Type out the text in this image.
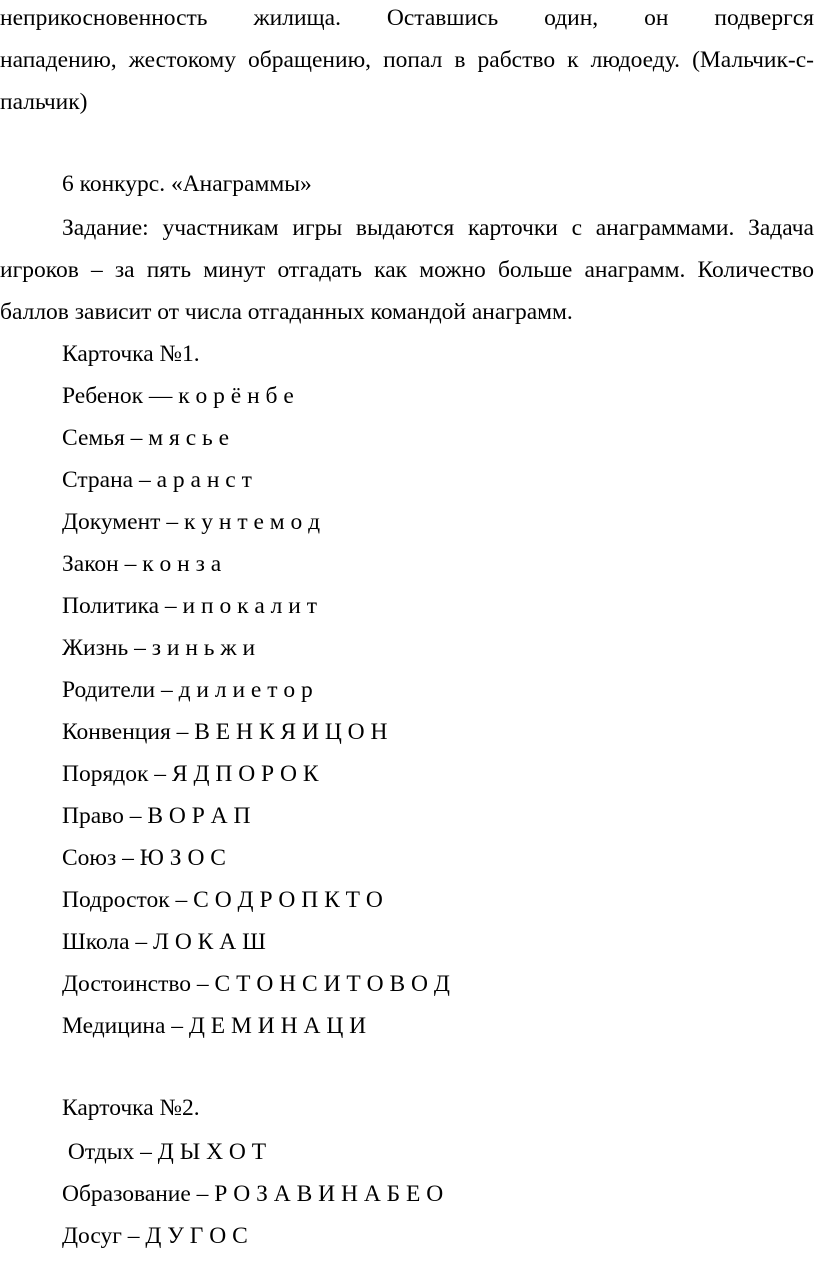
неприкосновенность жилища. Оставшись один, он подвергся
нападению, жестокому обращению, попал в рабство к людоеду. (Мальчик-с-
пальчик)
6 конкурс. «Анаграммы»
Задание: участникам игры выдаются карточки с анаграммами. Задача
игроков – за пять минут отгадать как можно больше анаграмм. Количество
баллов зависит от числа отгаданных командой анаграмм.
Карточка №1.
Ребенок — к о р ё н б е
Семья – м я с ь е
Страна – а р а н с т
Документ – к у н т е м о д
Закон – к о н з а
Политика – и п о к а л и т
Жизнь – з и н ь ж и
Родители – д и л и е т о р
Конвенция – В Е Н К Я И Ц О Н
Порядок – Я Д П О Р О К
Право – В О Р А П
Союз – Ю З О С
Подросток – С О Д Р О П К Т О
Школа – Л О К А Ш
Достоинство – С Т О Н С И Т О В О Д
Медицина – Д Е М И Н А Ц И
Карточка №2.
Отдых – Д Ы Х О Т
Образование – Р О З А В И Н А Б Е О
Досуг – Д У Г О С
